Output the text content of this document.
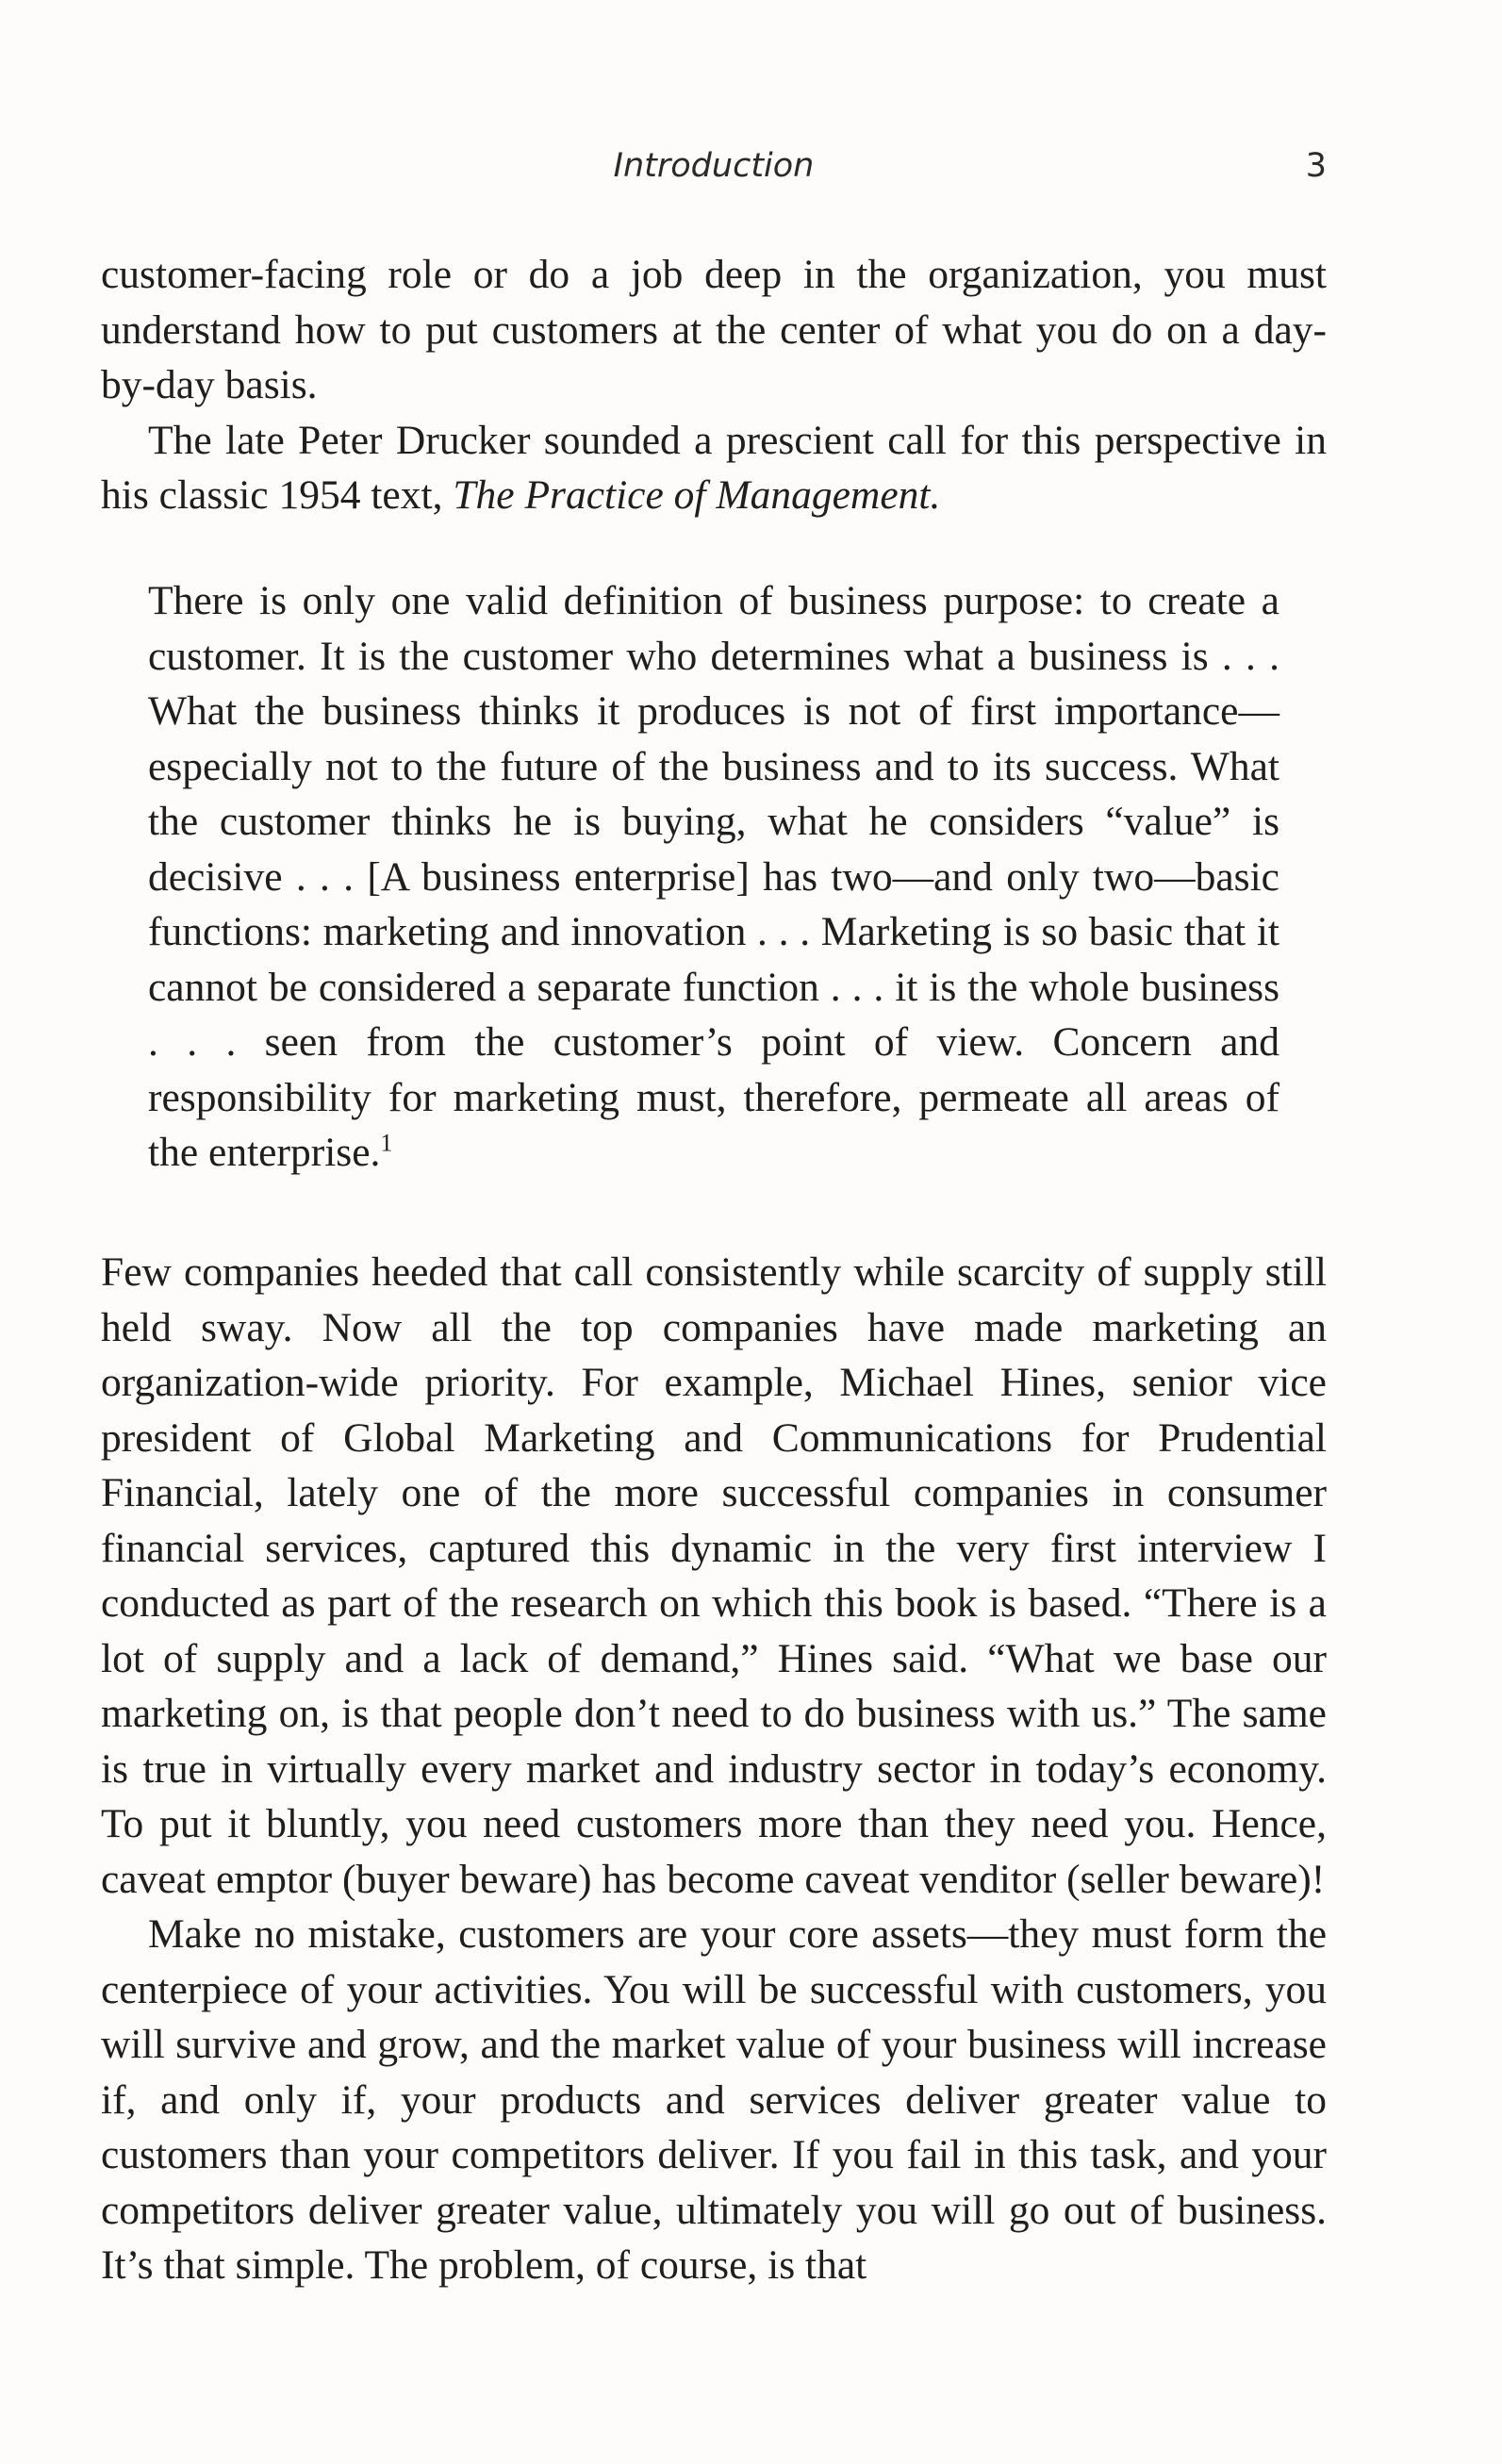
Introduction	3

customer-facing role or do a job deep in the organization, you must understand how to put customers at the center of what you do on a day-by-day basis.

The late Peter Drucker sounded a prescient call for this perspective in his classic 1954 text, The Practice of Management.

There is only one valid definition of business purpose: to create a customer. It is the customer who determines what a business is . . . What the business thinks it produces is not of first importance—especially not to the future of the business and to its success. What the customer thinks he is buying, what he considers “value” is decisive . . . [A business enterprise] has two—and only two—basic functions: marketing and innovation . . . Marketing is so basic that it cannot be considered a separate function . . . it is the whole business . . . seen from the customer’s point of view. Concern and responsibility for marketing must, therefore, permeate all areas of the enterprise.$^1$

Few companies heeded that call consistently while scarcity of supply still held sway. Now all the top companies have made marketing an organization-wide priority. For example, Michael Hines, senior vice president of Global Marketing and Communications for Prudential Financial, lately one of the more successful companies in consumer financial services, captured this dynamic in the very first interview I conducted as part of the research on which this book is based. “There is a lot of supply and a lack of demand,” Hines said. “What we base our marketing on, is that people don’t need to do business with us.” The same is true in virtually every market and industry sector in today’s economy. To put it bluntly, you need customers more than they need you. Hence, caveat emptor (buyer beware) has become caveat venditor (seller beware)!

Make no mistake, customers are your core assets—they must form the centerpiece of your activities. You will be successful with customers, you will survive and grow, and the market value of your business will increase if, and only if, your products and services deliver greater value to customers than your competitors deliver. If you fail in this task, and your competitors deliver greater value, ultimately you will go out of business. It’s that simple. The problem, of course, is that
